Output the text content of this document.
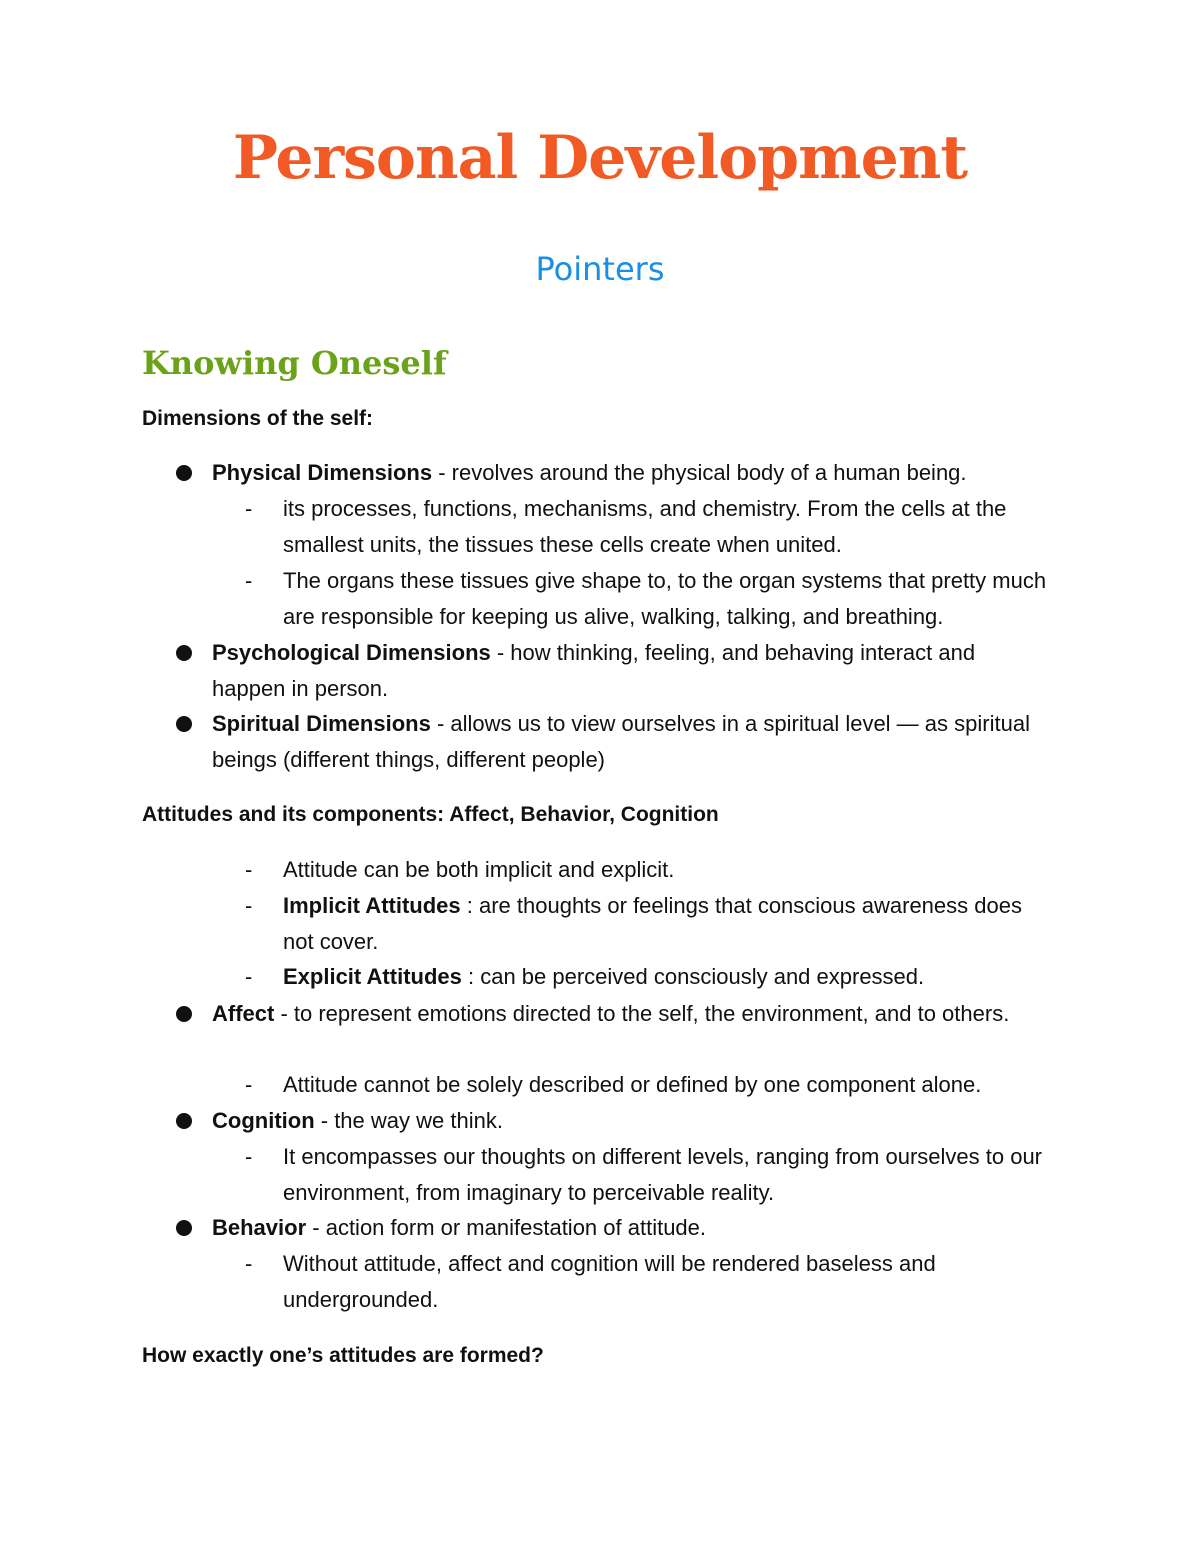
Personal Development
Pointers
Knowing Oneself
Dimensions of the self:
Physical Dimensions - revolves around the physical body of a human being.
- its processes, functions, mechanisms, and chemistry. From the cells at the smallest units, the tissues these cells create when united.
- The organs these tissues give shape to, to the organ systems that pretty much are responsible for keeping us alive, walking, talking, and breathing.
Psychological Dimensions - how thinking, feeling, and behaving interact and happen in person.
Spiritual Dimensions - allows us to view ourselves in a spiritual level — as spiritual beings (different things, different people)
Attitudes and its components: Affect, Behavior, Cognition
- Attitude can be both implicit and explicit.
- Implicit Attitudes : are thoughts or feelings that conscious awareness does not cover.
- Explicit Attitudes : can be perceived consciously and expressed.
Affect - to represent emotions directed to the self, the environment, and to others.
- Attitude cannot be solely described or defined by one component alone.
Cognition - the way we think.
- It encompasses our thoughts on different levels, ranging from ourselves to our environment, from imaginary to perceivable reality.
Behavior - action form or manifestation of attitude.
- Without attitude, affect and cognition will be rendered baseless and undergrounded.
How exactly one’s attitudes are formed?
